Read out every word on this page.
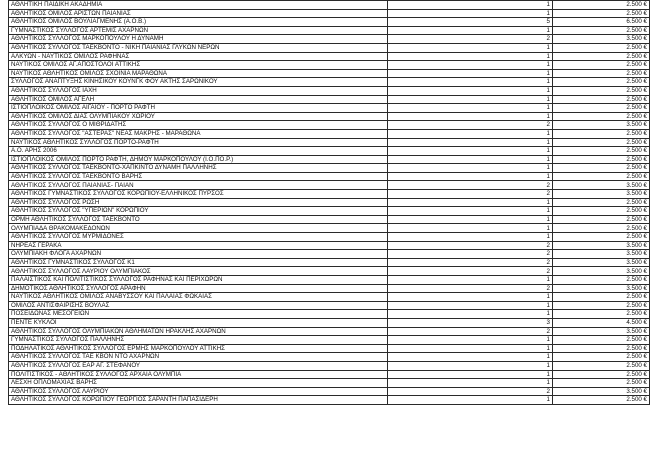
ΑΘΛΗΤΙΚΗ ΠΑΙΔΙΚΗ ΑΚΑΔΗΜΙΑ	1	2.500 €
ΑΘΛΗΤΙΚΟΣ ΟΜΙΛΟΣ ΑΡΙΣΤΩΝ ΠΑΙΑΝΙΑΣ	1	2.500 €
ΑΘΛΗΤΙΚΟΣ ΟΜΙΛΟΣ ΒΟΥΛΙΑΓΜΕΝΗΣ (Α.Ο.Β.)	5	6.500 €
ΓΥΜΝΑΣΤΙΚΟΣ ΣΥΛΛΟΓΟΣ ΑΡΤΕΜΙΣ ΑΧΑΡΝΩΝ	1	2.500 €
ΑΘΛΗΤΙΚΟΣ ΣΥΛΛΟΓΟΣ ΜΑΡΚΟΠΟΥΛΟΥ Η ΔΥΝΑΜΗ	2	3.500 €
ΑΘΛΗΤΙΚΟΣ ΣΥΛΛΟΓΟΣ ΤΑΕΚΒΟΝΤΟ - ΝΙΚΗ ΠΑΙΑΝΙΑΣ ΓΛΥΚΩΝ ΝΕΡΩΝ	1	2.500 €
ΑΛΚΥΩΝ - ΝΑΥΤΙΚΟΣ ΟΜΙΛΟΣ ΡΑΦΗΝΑΣ	1	2.500 €
ΝΑΥΤΙΚΟΣ ΟΜΙΛΟΣ ΑΓ.ΑΠΟΣΤΟΛΟΙ ΑΤΤΙΚΗΣ	1	2.500 €
ΝΑΥΤΙΚΟΣ ΑΘΛΗΤΙΚΟΣ ΟΜΙΛΟΣ ΣΧΟΙΝΙΑ ΜΑΡΑΘΩΝΑ	1	2.500 €
ΣΥΛΛΟΓΟΣ ΑΝΑΠΤΥΞΗΣ ΚΙΝΗΣΙΚΟΥ ΚΟΥΝΓΚ ΦΟΥ ΑΚΤΗΣ ΣΑΡΩΝΙΚΟΥ	1	2.500 €
ΑΘΛΗΤΙΚΟΣ ΣΥΛΛΟΓΟΣ ΙΑΧΗ	1	2.500 €
ΑΘΛΗΤΙΚΟΣ ΟΜΙΛΟΣ ΑΓΕΛΗ	1	2.500 €
ΙΣΤΙΟΠΛΟΙΚΟΣ ΟΜΙΛΟΣ ΑΙΓΑΙΟΥ - ΠΟΡΤΟ ΡΑΦΤΗ	1	2.500 €
ΑΘΛΗΤΙΚΟΣ ΟΜΙΛΟΣ ΔΙΑΣ ΟΛΥΜΠΙΑΚΟΥ ΧΩΡΙΟΥ	1	2.500 €
ΑΘΛΗΤΙΚΟΣ ΣΥΛΛΟΓΟΣ Ο ΜΙΘΡΙΔΑΤΗΣ	2	3.500 €
ΑΘΛΗΤΙΚΟΣ ΣΥΛΛΟΓΟΣ "ΑΣΤΕΡΑΣ" ΝΕΑΣ ΜΑΚΡΗΣ - ΜΑΡΑΘΩΝΑ	1	2.500 €
ΝΑΥΤΙΚΟΣ ΑΘΛΗΤΙΚΟΣ ΣΥΛΛΟΓΟΣ ΠΟΡΤΟ-ΡΑΦΤΗ	1	2.500 €
Α.Ο. ΑΡΗΣ 2006	1	2.500 €
ΙΣΤΙΟΠΛΟΙΚΟΣ ΟΜΙΛΟΣ ΠΟΡΤΟ ΡΑΦΤΗ, ΔΗΜΟΥ ΜΑΡΚΟΠΟΥΛΟΥ (Ι.Ο.ΠΟ.Ρ.)	1	2.500 €
ΑΘΛΗΤΙΚΟΣ ΣΥΛΛΟΓΟΣ ΤΑΕΚΒΟΝΤΟ-ΧΑΠΚΙΝΤΟ ΔΥΝΑΜΗ ΠΑΛΛΗΝΗΣ	1	2.500 €
ΑΘΛΗΤΙΚΟΣ ΣΥΛΛΟΓΟΣ ΤΑΕΚΒΟΝΤΟ ΒΑΡΗΣ	1	2.500 €
ΑΘΛΗΤΙΚΟΣ ΣΥΛΛΟΓΟΣ ΠΑΙΑΝΙΑΣ- ΠΑΙΑΝ	2	3.500 €
ΑΘΛΗΤΙΚΟΣ ΓΥΜΝΑΣΤΙΚΟΣ ΣΥΛΛΟΓΟΣ ΚΟΡΩΠΙΟΥ-ΕΛΛΗΝΙΚΟΣ ΠΥΡΣΟΣ	2	3.500 €
ΑΘΛΗΤΙΚΟΣ ΣΥΛΛΟΓΟΣ ΡΩΣΗ	1	2.500 €
ΑΘΛΗΤΙΚΟΣ ΣΥΛΛΟΓΟΣ "ΥΠΕΡΙΩΝ" ΚΟΡΩΠΙΟΥ	1	2.500 €
ΟΡΜΗ ΑΘΛΗΤΙΚΟΣ ΣΥΛΛΟΓΟΣ ΤΑΕΚΒΟΝΤΟ	1	2.500 €
ΟΛΥΜΠΙΑΔΑ ΘΡΑΚΟΜΑΚΕΔΟΝΩΝ	1	2.500 €
ΑΘΛΗΤΙΚΟΣ ΣΥΛΛΟΓΟΣ ΜΥΡΜΙΔΟΝΕΣ	1	2.500 €
ΝΗΡΕΑΣ ΓΕΡΑΚΑ	2	3.500 €
ΟΛΥΜΠΙΑΚΗ ΦΛΟΓΑ ΑΧΑΡΝΩΝ	2	3.500 €
ΑΘΛΗΤΙΚΟΣ ΓΥΜΝΑΣΤΙΚΟΣ ΣΥΛΛΟΓΟΣ Κ1	2	3.500 €
ΑΘΛΗΤΙΚΟΣ ΣΥΛΛΟΓΟΣ ΛΑΥΡΙΟΥ ΟΛΥΜΠΙΑΚΟΣ	2	3.500 €
ΠΑΛΑΙΣΤΙΚΟΣ ΚΑΙ ΠΟΛΙΤΙΣΤΙΚΟΣ ΣΥΛΛΟΓΟΣ ΡΑΦΗΝΑΣ ΚΑΙ ΠΕΡΙΧΩΡΩΝ	1	2.500 €
ΔΗΜΟΤΙΚΟΣ ΑΘΛΗΤΙΚΟΣ ΣΥΛΛΟΓΟΣ ΑΡΑΦΗΝ	2	3.500 €
ΝΑΥΤΙΚΟΣ ΑΘΛΗΤΙΚΟΣ ΟΜΙΛΟΣ ΑΝΑΒΥΣΣΟΥ ΚΑΙ ΠΑΛΑΙΑΣ ΦΩΚΑΙΑΣ	1	2.500 €
ΟΜΙΛΟΣ ΑΝΤΙΣΦΑΙΡΙΣΗΣ ΒΟΥΛΑΣ	1	2.500 €
ΠΟΣΕΙΔΩΝΑΣ ΜΕΣΟΓΕΙΩΝ	1	2.500 €
ΠΕΝΤΕ ΚΥΚΛΟΙ	3	4.500 €
ΑΘΛΗΤΙΚΟΣ ΣΥΛΛΟΓΟΣ ΟΛΥΜΠΙΑΚΩΝ ΑΘΛΗΜΑΤΩΝ ΗΡΑΚΛΗΣ ΑΧΑΡΝΩΝ	2	3.500 €
ΓΥΜΝΑΣΤΙΚΟΣ ΣΥΛΛΟΓΟΣ ΠΑΛΛΗΝΗΣ	1	2.500 €
ΠΟΔΗΛΑΤΙΚΟΣ ΑΘΛΗΤΙΚΟΣ ΣΥΛΛΟΓΟΣ ΕΡΜΗΣ ΜΑΡΚΟΠΟΥΛΟΥ ΑΤΤΙΚΗΣ	1	2.500 €
ΑΘΛΗΤΙΚΟΣ ΣΥΛΛΟΓΟΣ ΤΑΕ ΚΒΟΝ ΝΤΟ ΑΧΑΡΝΩΝ	1	2.500 €
ΑΘΛΗΤΙΚΟΣ ΣΥΛΛΟΓΟΣ ΕΑΡ ΑΓ. ΣΤΕΦΑΝΟΥ	1	2.500 €
ΠΟΛΙΤΙΣΤΙΚΟΣ - ΑΘΛΗΤΙΚΟΣ ΣΥΛΛΟΓΟΣ ΑΡΧΑΙΑ ΟΛΥΜΠΙΑ	1	2.500 €
ΛΕΣΧΗ ΟΠΛΟΜΑΧΙΑΣ ΒΑΡΗΣ	1	2.500 €
ΑΘΛΗΤΙΚΟΣ ΣΥΛΛΟΓΟΣ ΛΑΥΡΙΟΥ	2	3.500 €
ΑΘΛΗΤΙΚΟΣ ΣΥΛΛΟΓΟΣ ΚΟΡΩΠΙΟΥ ΓΕΩΡΓΙΟΣ ΣΑΡΑΝΤΗ ΠΑΠΑΣΙΔΕΡΗ	1	2.500 €
